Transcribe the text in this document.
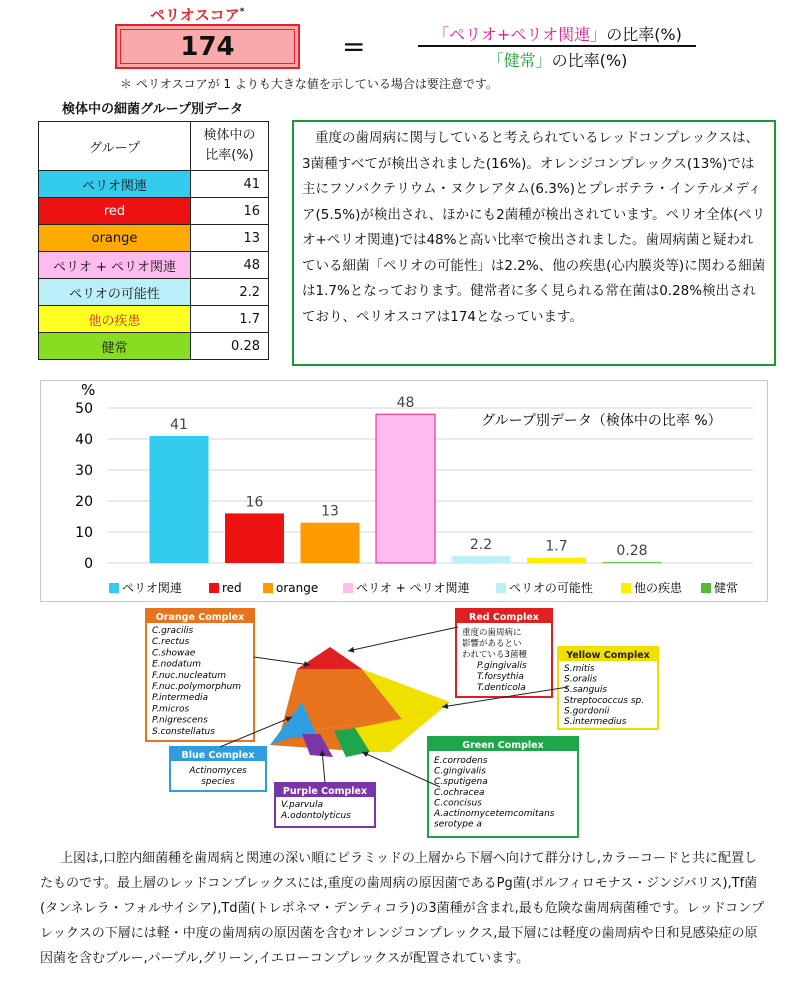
ペリオスコア*
174	=	「ペリオ+ペリオ関連」の比率(%)
「健常」の比率(%)
＊ ペリオスコアが 1 よりも大きな値を示している場合は要注意です。
検体中の細菌グループ別データ
グループ	検体中の
比率(%)
ペリオ関連	41
red	16
orange	13
ペリオ + ペリオ関連	48
ペリオの可能性	2.2
他の疾患	1.7
健常	0.28
重度の歯周病に関与していると考えられているレッドコンプレックスは、3菌種すべてが検出されました(16%)。オレンジコンプレックス(13%)では主にフソバクテリウム・ヌクレアタム(6.3%)とプレボテラ・インテルメディア(5.5%)が検出され、ほかにも2菌種が検出されています。ペリオ全体(ペリオ+ペリオ関連)では48%と高い比率で検出されました。歯周病菌と疑われている細菌「ペリオの可能性」は2.2%、他の疾患(心内膜炎等)に関わる細菌は1.7%となっております。健常者に多く見られる常在菌は0.28%検出されており、ペリオスコアは174となっています。
%
0
10
20
30
40
50
41
16
13
48
2.2	1.7	0.28
グループ別データ（検体中の比率 %）
ペリオ関連	red	orange	ペリオ + ペリオ関連	ペリオの可能性	他の疾患	健常
Orange Complex
C.gracilis
C.rectus
C.showae
E.nodatum
F.nuc.nucleatum
F.nuc.polymorphum
P.intermedia
P.micros
P.nigrescens
S.constellatus
Red Complex
重度の歯周病に
影響があるとい
われている3菌種
P.gingivalis
T.forsythia
T.denticola
Yellow Complex
S.mitis
S.oralis
S.sanguis
Streptococcus sp.
S.gordonii
S.intermedius
Blue Complex
Actinomyces
species
Purple Complex
V.parvula
A.odontolyticus
Green Complex
E.corrodens
C.gingivalis
C.sputigena
C.ochracea
C.concisus
A.actinomycetemcomitans
serotype a
上図は,口腔内細菌種を歯周病と関連の深い順にピラミッドの上層から下層へ向けて群分けし,カラーコードと共に配置したものです。最上層のレッドコンプレックスには,重度の歯周病の原因菌であるPg菌(ポルフィロモナス・ジンジバリス),Tf菌(タンネレラ・フォルサイシア),Td菌(トレポネマ・デンティコラ)の3菌種が含まれ,最も危険な歯周病菌種です。レッドコンプレックスの下層には軽・中度の歯周病の原因菌を含むオレンジコンプレックス,最下層には軽度の歯周病や日和見感染症の原因菌を含むブルー,パープル,グリーン,イエローコンプレックスが配置されています。
